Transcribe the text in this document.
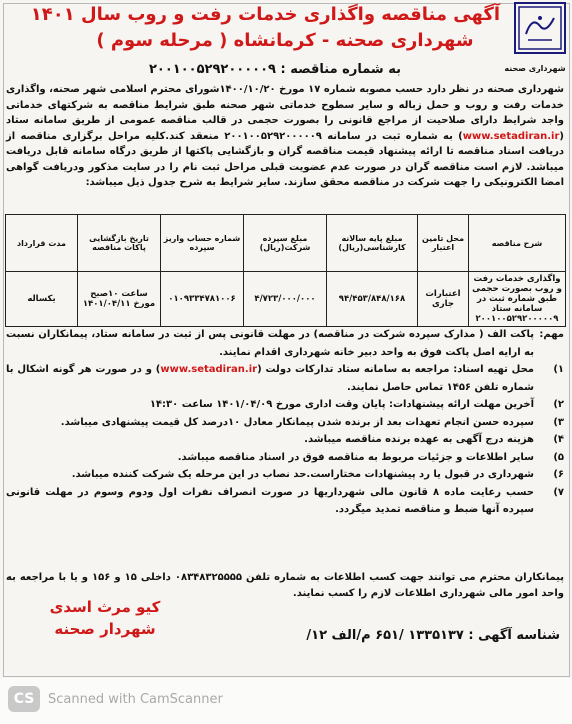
آگهی مناقصه واگذاری خدمات رفت و روب سال ۱۴۰۱
شهرداری صحنه - کرمانشاه ( مرحله سوم )
شهرداری صحنه
به شماره مناقصه : ۲۰۰۱۰۰۵۲۹۲۰۰۰۰۰۹
شهرداری صحنه در نظر دارد حسب مصوبه شماره ۱۷ مورخ ۱۴۰۰/۱۰/۲۰شورای محترم اسلامی شهر صحنه، واگذاری خدمات رفت و روب و حمل زباله و سایر سطوح خدماتی شهر صحنه طبق شرایط مناقصه به شرکتهای خدماتی واجد شرایط دارای صلاحیت از مراجع قانونی را بصورت حجمی در قالب مناقصه عمومی از طریق سامانه ستاد (www.setadiran.ir) به شماره ثبت در سامانه ۲۰۰۱۰۰۵۲۹۲۰۰۰۰۰۹ منعقد کند.کلیه مراحل برگزاری مناقصه از دریافت اسناد مناقصه تا ارائه پیشنهاد قیمت مناقصه گران و بازگشایی پاکتها از طریق درگاه سامانه قابل دریافت میباشد. لازم است مناقصه گران در صورت عدم عضویت قبلی مراحل ثبت نام را در سایت مذکور ودریافت گواهی امضا الکترونیکی را جهت شرکت در مناقصه محقق سازند. سایر شرایط به شرح جدول ذیل میباشد:
شرح مناقصه	محل تامین اعتبار	مبلغ پایه سالانه کارشناسی(ریال)	مبلغ سپرده شرکت(ریال)	شماره حساب واریز سپرده	تاریخ بازگشایی پاکات مناقصه	مدت قرارداد
واگذاری خدمات رفت و روب بصورت حجمی طبق شماره ثبت در سامانه ستاد ۲۰۰۱۰۰۵۲۹۲۰۰۰۰۰۹	اعتبارات جاری	۹۴/۴۵۳/۸۴۸/۱۶۸	۴/۷۲۳/۰۰۰/۰۰۰	۰۱۰۹۳۳۴۷۸۱۰۰۶	ساعت ۱۰صبح مورخ ۱۴۰۱/۰۴/۱۱	یکساله
مهم:
پاکت الف ( مدارک سپرده شرکت در مناقصه) در مهلت قانونی پس از ثبت در سامانه ستاد، پیمانکاران نسبت به ارایه اصل پاکت فوق به واحد دبیر خانه شهرداری اقدام نمایند.
۱)
محل تهیه اسناد: مراجعه به سامانه ستاد تدارکات دولت (www.setadiran.ir) و در صورت هر گونه اشکال با شماره تلفن ۱۴۵۶ تماس حاصل نمایند.
۲)
آخرین مهلت ارائه پیشنهادات: پایان وقت اداری مورخ ۱۴۰۱/۰۴/۰۹ ساعت ۱۴:۳۰
۳)
سپرده حسن انجام تعهدات بعد از برنده شدن پیمانکار معادل ۱۰درصد کل قیمت پیشنهادی میباشد.
۴)
هزینه درج آگهی به عهده برنده مناقصه میباشد.
۵)
سایر اطلاعات و جزئیات مربوط به مناقصه فوق در اسناد مناقصه میباشد.
۶)
شهرداری در قبول یا رد پیشنهادات مختاراست.حد نصاب در این مرحله یک شرکت کننده میباشد.
۷)
حسب رعایت ماده ۸ قانون مالی شهرداریها در صورت انصراف نفرات اول ودوم وسوم در مهلت قانونی سپرده آنها ضبط و مناقصه تمدید میگردد.
پیمانکاران محترم می توانند جهت کسب اطلاعات به شماره تلفن ۰۸۳۴۸۳۲۵۵۵۵ داخلی ۱۵ و ۱۵۶ و یا با مراجعه به واحد امور مالی شهرداری اطلاعات لازم را کسب نمایند.
کیو مرث اسدی
شهردار صحنه	شناسه آگهی : ۱۳۳۵۱۳۷ /۶۵۱ م/الف ۱۲/
CS	Scanned with CamScanner
